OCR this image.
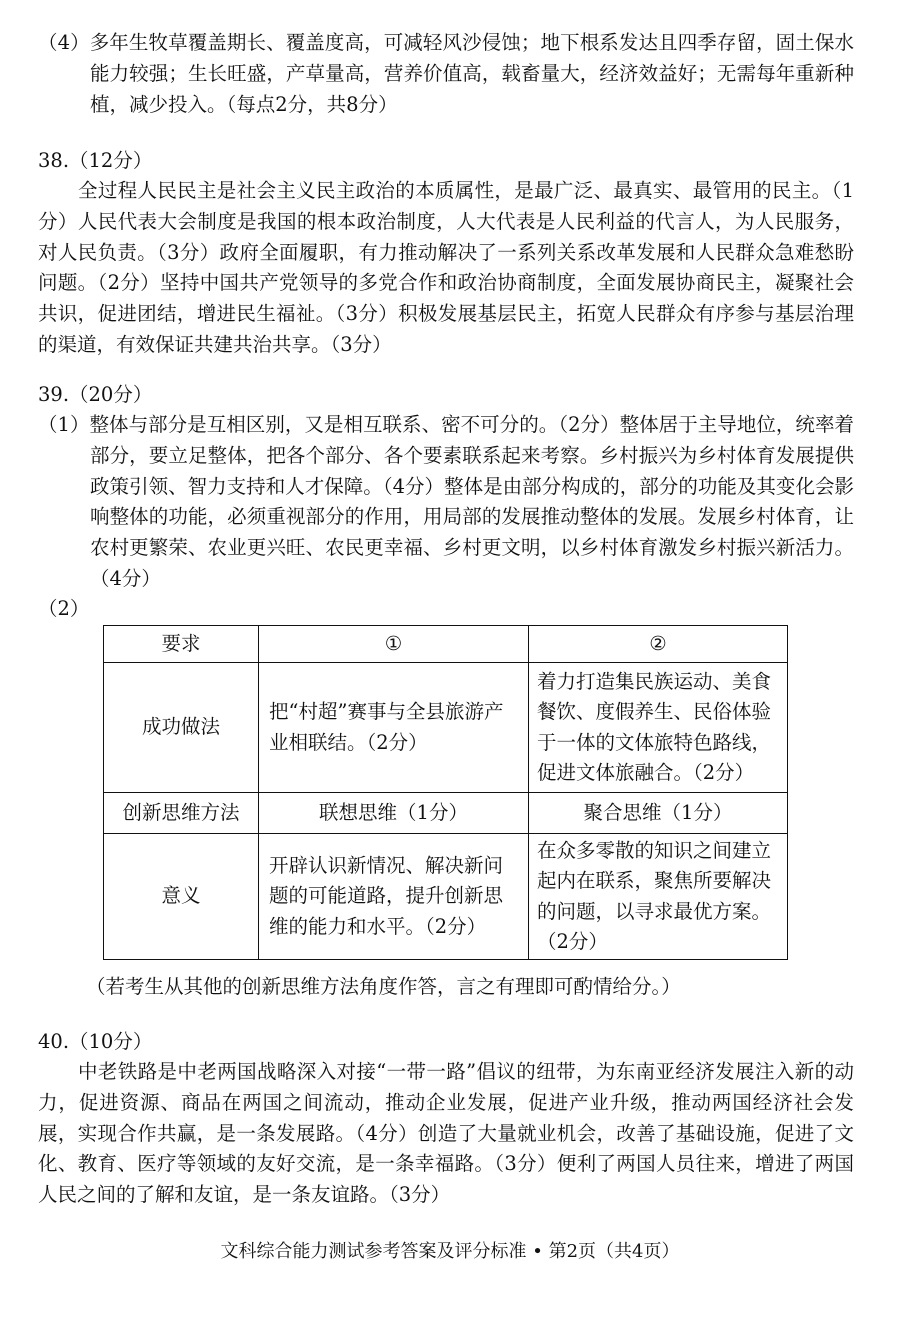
（4）多年生牧草覆盖期长、覆盖度高，可减轻风沙侵蚀；地下根系发达且四季存留，固土保水能力较强；生长旺盛，产草量高，营养价值高，载畜量大，经济效益好；无需每年重新种植，减少投入。（每点2分，共8分）
38.（12分）
全过程人民民主是社会主义民主政治的本质属性，是最广泛、最真实、最管用的民主。（1分）人民代表大会制度是我国的根本政治制度，人大代表是人民利益的代言人，为人民服务，对人民负责。（3分）政府全面履职，有力推动解决了一系列关系改革发展和人民群众急难愁盼问题。（2分）坚持中国共产党领导的多党合作和政治协商制度，全面发展协商民主，凝聚社会共识，促进团结，增进民生福祉。（3分）积极发展基层民主，拓宽人民群众有序参与基层治理的渠道，有效保证共建共治共享。（3分）
39.（20分）
（1）整体与部分是互相区别，又是相互联系、密不可分的。（2分）整体居于主导地位，统率着部分，要立足整体，把各个部分、各个要素联系起来考察。乡村振兴为乡村体育发展提供政策引领、智力支持和人才保障。（4分）整体是由部分构成的，部分的功能及其变化会影响整体的功能，必须重视部分的作用，用局部的发展推动整体的发展。发展乡村体育，让农村更繁荣、农业更兴旺、农民更幸福、乡村更文明，以乡村体育激发乡村振兴新活力。（4分）
（2）
要求	①	②
成功做法	把“村超”赛事与全县旅游产业相联结。（2分）	着力打造集民族运动、美食餐饮、度假养生、民俗体验于一体的文体旅特色路线，促进文体旅融合。（2分）
创新思维方法	联想思维（1分）	聚合思维（1分）
意义	开辟认识新情况、解决新问题的可能道路，提升创新思维的能力和水平。（2分）	在众多零散的知识之间建立起内在联系，聚焦所要解决的问题，以寻求最优方案。（2分）
（若考生从其他的创新思维方法角度作答，言之有理即可酌情给分。）
40.（10分）
中老铁路是中老两国战略深入对接“一带一路”倡议的纽带，为东南亚经济发展注入新的动力，促进资源、商品在两国之间流动，推动企业发展，促进产业升级，推动两国经济社会发展，实现合作共赢，是一条发展路。（4分）创造了大量就业机会，改善了基础设施，促进了文化、教育、医疗等领域的友好交流，是一条幸福路。（3分）便利了两国人员往来，增进了两国人民之间的了解和友谊，是一条友谊路。（3分）
文科综合能力测试参考答案及评分标准 • 第2页（共4页）
